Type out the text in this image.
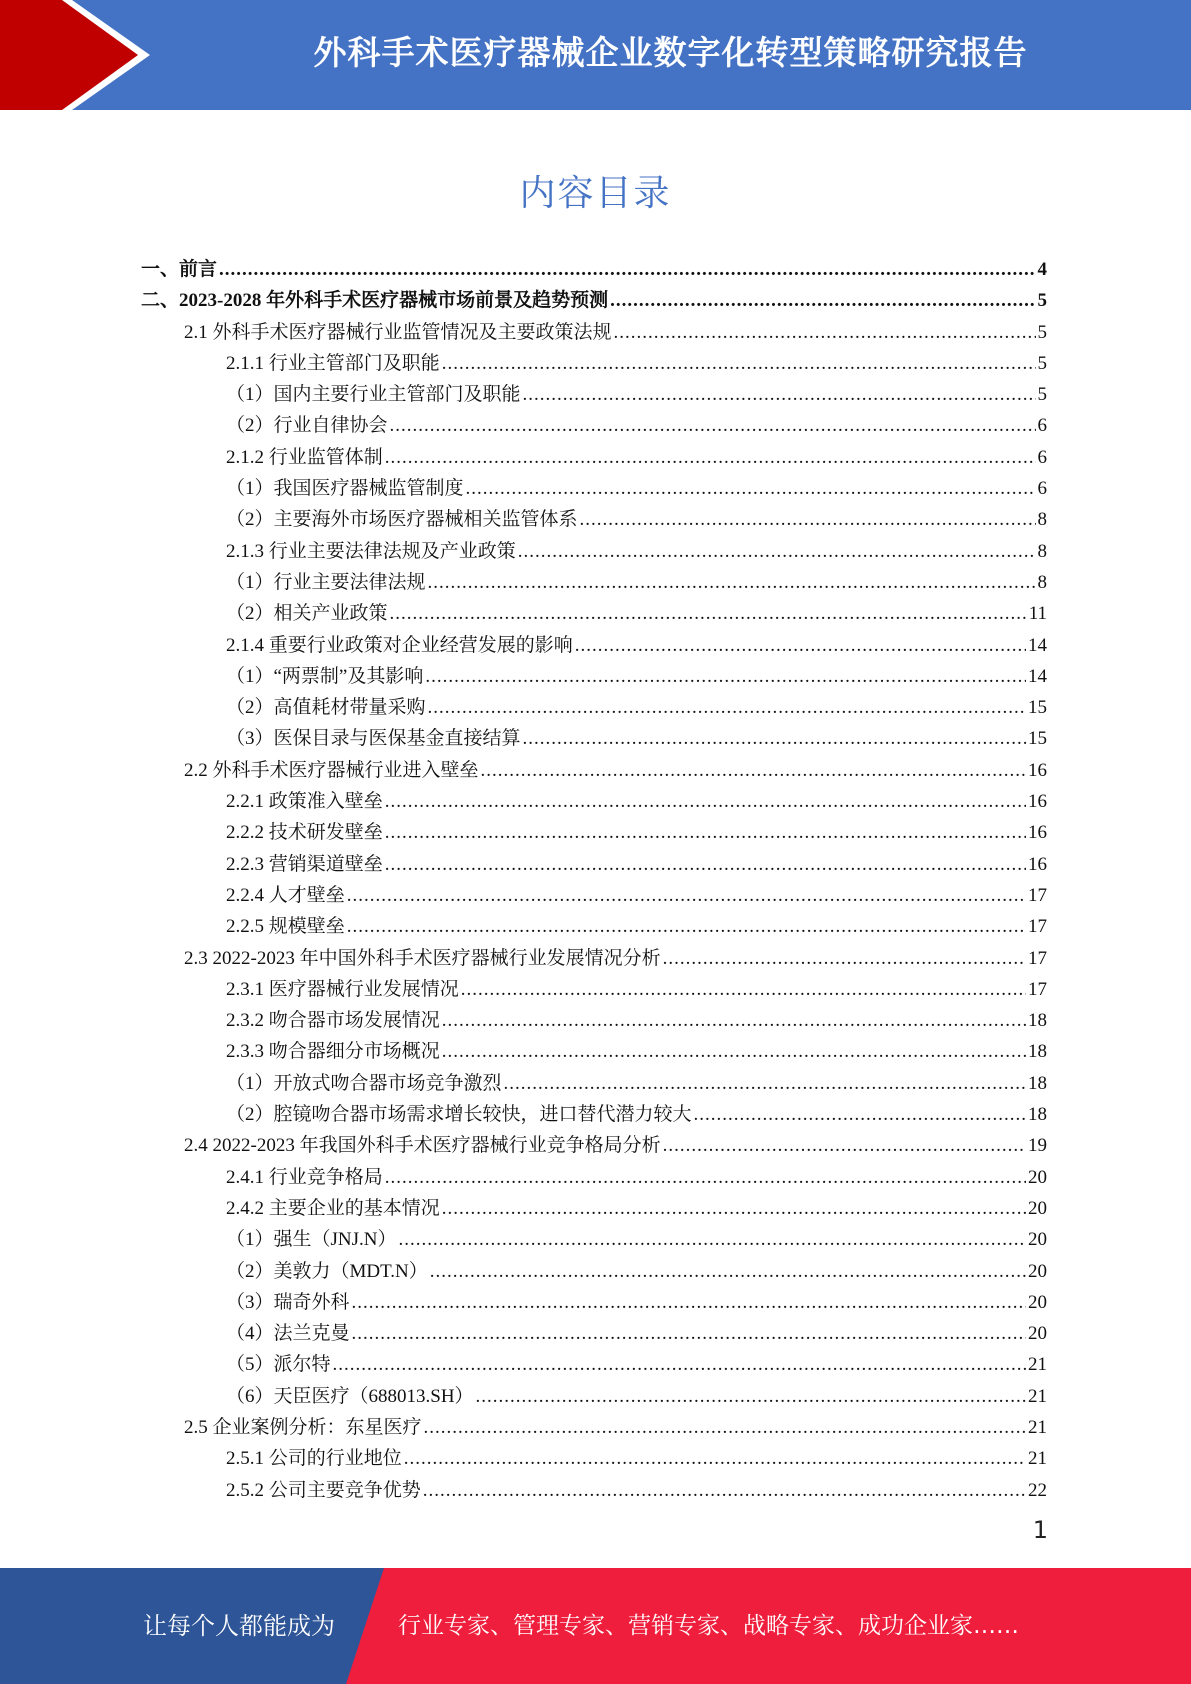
外科手术医疗器械企业数字化转型策略研究报告
内容目录
一、前言 .....	4
二、2023-2028 年外科手术医疗器械市场前景及趋势预测 .....	5
2.1 外科手术医疗器械行业监管情况及主要政策法规 .....	5
2.1.1 行业主管部门及职能 .....	5
（1）国内主要行业主管部门及职能 .....	5
（2）行业自律协会 .....	6
2.1.2 行业监管体制 .....	6
（1）我国医疗器械监管制度 .....	6
（2）主要海外市场医疗器械相关监管体系 .....	8
2.1.3 行业主要法律法规及产业政策 .....	8
（1）行业主要法律法规 .....	8
（2）相关产业政策 .....	11
2.1.4 重要行业政策对企业经营发展的影响 .....	14
（1）“两票制”及其影响 .....	14
（2）高值耗材带量采购 .....	15
（3）医保目录与医保基金直接结算 .....	15
2.2 外科手术医疗器械行业进入壁垒 .....	16
2.2.1 政策准入壁垒 .....	16
2.2.2 技术研发壁垒 .....	16
2.2.3 营销渠道壁垒 .....	16
2.2.4 人才壁垒 .....	17
2.2.5 规模壁垒 .....	17
2.3 2022-2023 年中国外科手术医疗器械行业发展情况分析 .....	17
2.3.1 医疗器械行业发展情况 .....	17
2.3.2 吻合器市场发展情况 .....	18
2.3.3 吻合器细分市场概况 .....	18
（1）开放式吻合器市场竞争激烈 .....	18
（2）腔镜吻合器市场需求增长较快，进口替代潜力较大 .....	18
2.4 2022-2023 年我国外科手术医疗器械行业竞争格局分析 .....	19
2.4.1 行业竞争格局 .....	20
2.4.2 主要企业的基本情况 .....	20
（1）强生（JNJ.N） .....	20
（2）美敦力（MDT.N） .....	20
（3）瑞奇外科 .....	20
（4）法兰克曼 .....	20
（5）派尔特 .....	21
（6）天臣医疗（688013.SH） .....	21
2.5 企业案例分析：东星医疗 .....	21
2.5.1 公司的行业地位 .....	21
2.5.2 公司主要竞争优势 .....	22
1
让每个人都能成为	行业专家、管理专家、营销专家、战略专家、成功企业家……
